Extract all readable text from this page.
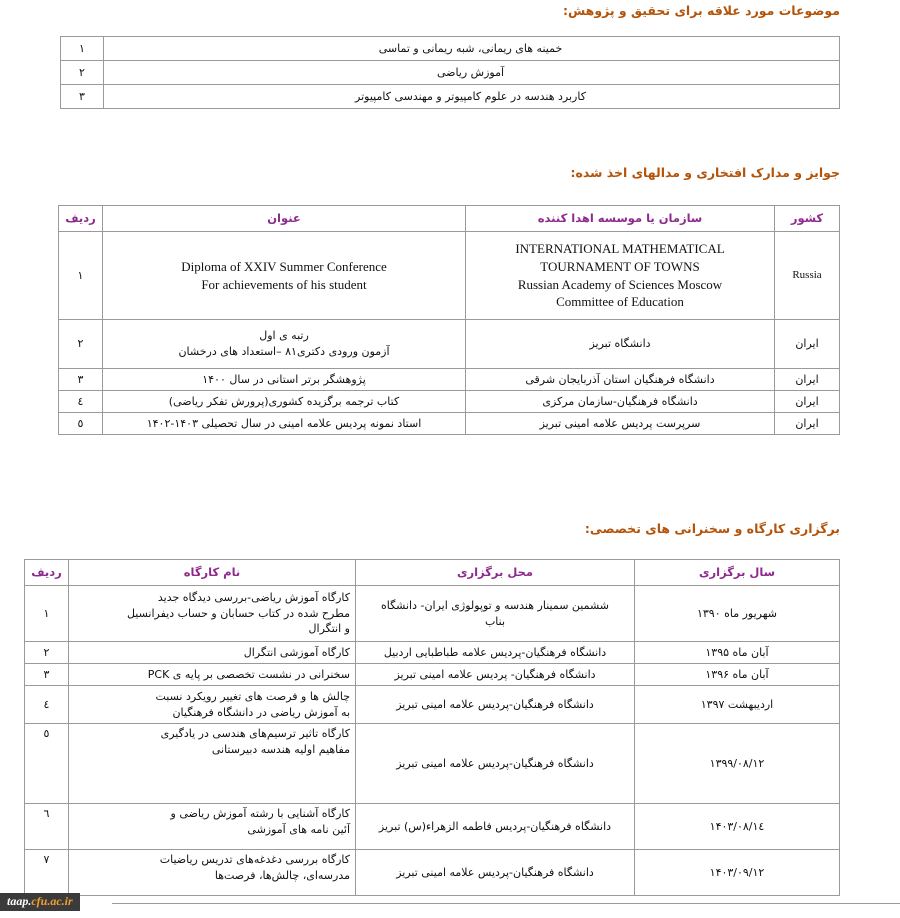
موضوعات مورد علاقه برای تحقیق و پژوهش:
خمینه های ریمانی، شبه ریمانی و تماسی	١
آموزش ریاضی	٢
کاربرد هندسه در علوم کامپیوتر و مهندسی کامپیوتر	٣
جوایز و مدارک افتخاری و مدالهای اخذ شده:
کشور	سازمان یا موسسه اهدا کننده	عنوان	ردیف
Russia	INTERNATIONAL MATHEMATICAL
TOURNAMENT OF TOWNS
Russian Academy of Sciences Moscow
Committee of Education	Diploma of XXIV Summer Conference
For achievements of his student	١
ایران	دانشگاه تبریز	رتبه ی اول
آزمون ورودی دکتری۸۱ –استعداد های درخشان	٢
ایران	دانشگاه فرهنگیان استان آذربایجان شرقی	پژوهشگر برتر استانی در سال ۱۴۰۰	٣
ایران	دانشگاه فرهنگیان-سازمان مرکزی	کتاب ترجمه برگزیده کشوری(پرورش تفکر ریاضی)	٤
ایران	سرپرست پردیس علامه امینی تبریز	استاد نمونه پردیس علامه امینی در سال تحصیلی ۱۴۰۳-۱۴۰۲	٥
برگزاری کارگاه و سخنرانی های تخصصی:
سال برگزاری	محل برگزاری	نام کارگاه	ردیف
شهریور ماه ۱۳۹۰	ششمین سمینار هندسه و توپولوژی ایران- دانشگاه
بناب	کارگاه آموزش ریاضی-بررسی دیدگاه جدید
مطرح شده در کتاب حسابان و حساب دیفرانسیل
و انتگرال	١
آبان ماه ۱۳۹۵	دانشگاه فرهنگیان-پردیس علامه طباطبایی اردبیل	کارگاه آموزشی انتگرال	٢
آبان ماه ۱۳۹۶	دانشگاه فرهنگیان- پردیس علامه امینی تبریز	سخنرانی در نشست تخصصی بر پایه ی PCK	٣
اردیبهشت ۱۳۹۷	دانشگاه فرهنگیان-پردیس علامه امینی تبریز	چالش ها و فرصت های تغییر رویکرد نسبت
به آموزش ریاضی در دانشگاه فرهنگیان	٤
۱۳۹۹/۰۸/۱۲	دانشگاه فرهنگیان-پردیس علامه امینی تبریز	کارگاه تاثیر ترسیم‌های هندسی در یادگیری
مفاهیم اولیه هندسه دبیرستانی	٥
۱۴۰۳/۰۸/۱٤	دانشگاه فرهنگیان-پردیس فاطمه الزهراء(س) تبریز	کارگاه آشنایی با رشته آموزش ریاضی و
آئین نامه های آموزشی	٦
۱۴۰۳/۰۹/۱۲	دانشگاه فرهنگیان-پردیس علامه امینی تبریز	کارگاه بررسی دغدغه‌های تدریس ریاضیات
مدرسه‌ای، چالش‌ها، فرصت‌ها	٧
taap.cfu.ac.ir
